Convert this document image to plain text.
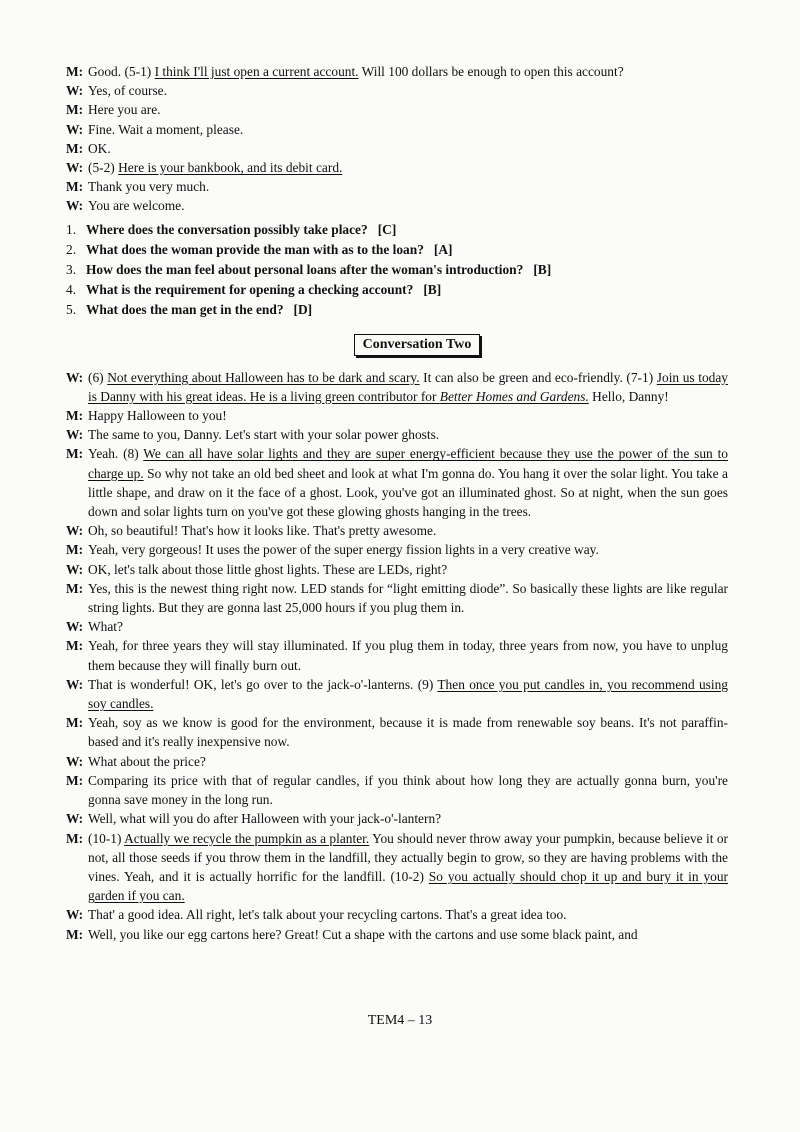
M: Good. (5-1) I think I'll just open a current account. Will 100 dollars be enough to open this account?
W: Yes, of course.
M: Here you are.
W: Fine. Wait a moment, please.
M: OK.
W: (5-2) Here is your bankbook, and its debit card.
M: Thank you very much.
W: You are welcome.
1. Where does the conversation possibly take place? [C]
2. What does the woman provide the man with as to the loan? [A]
3. How does the man feel about personal loans after the woman's introduction? [B]
4. What is the requirement for opening a checking account? [B]
5. What does the man get in the end? [D]
Conversation Two
W: (6) Not everything about Halloween has to be dark and scary. It can also be green and eco-friendly. (7-1) Join us today is Danny with his great ideas. He is a living green contributor for Better Homes and Gardens. Hello, Danny!
M: Happy Halloween to you!
W: The same to you, Danny. Let's start with your solar power ghosts.
M: Yeah. (8) We can all have solar lights and they are super energy-efficient because they use the power of the sun to charge up. So why not take an old bed sheet and look at what I'm gonna do. You hang it over the solar light. You take a little shape, and draw on it the face of a ghost. Look, you've got an illuminated ghost. So at night, when the sun goes down and solar lights turn on you've got these glowing ghosts hanging in the trees.
W: Oh, so beautiful! That's how it looks like. That's pretty awesome.
M: Yeah, very gorgeous! It uses the power of the super energy fission lights in a very creative way.
W: OK, let's talk about those little ghost lights. These are LEDs, right?
M: Yes, this is the newest thing right now. LED stands for “light emitting diode”. So basically these lights are like regular string lights. But they are gonna last 25,000 hours if you plug them in.
W: What?
M: Yeah, for three years they will stay illuminated. If you plug them in today, three years from now, you have to unplug them because they will finally burn out.
W: That is wonderful! OK, let's go over to the jack-o'-lanterns. (9) Then once you put candles in, you recommend using soy candles.
M: Yeah, soy as we know is good for the environment, because it is made from renewable soy beans. It's not paraffin-based and it's really inexpensive now.
W: What about the price?
M: Comparing its price with that of regular candles, if you think about how long they are actually gonna burn, you're gonna save money in the long run.
W: Well, what will you do after Halloween with your jack-o'-lantern?
M: (10-1) Actually we recycle the pumpkin as a planter. You should never throw away your pumpkin, because believe it or not, all those seeds if you throw them in the landfill, they actually begin to grow, so they are having problems with the vines. Yeah, and it is actually horrific for the landfill. (10-2) So you actually should chop it up and bury it in your garden if you can.
W: That' a good idea. All right, let's talk about your recycling cartons. That's a great idea too.
M: Well, you like our egg cartons here? Great! Cut a shape with the cartons and use some black paint, and
TEM4 – 13
